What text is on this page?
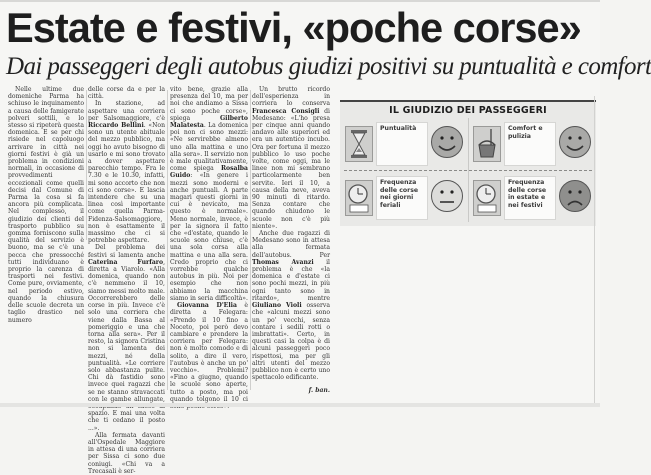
Estate e festivi, «poche corse»
Dai passeggeri degli autobus giudizi positivi su puntualità e comfort

Nelle ultime due domeniche Parma ha schiuso le inquinamento a causa delle famigerate polveri sottili, e lo stesso si ripeterà questa domenica. E se per chi risiede nel capoluogo arrivare in città nei giorni festivi è già un problema in condizioni normali, in occasione di provvedimenti eccezionali come quelli decisi dal Comune di Parma la cosa si fa ancora più complicata. Nel complesso, il giudizio dei clienti del trasporto pubblico su gomma forniscono sulla qualità del servizio è buono, ma se c'è una pecca che pressocché tutti individuano è proprio la carenza di trasporti nei festivi. Come pure, ovviamente, nel periodo estivo, quando la chiusura delle scuole decreta un taglio drastico nel numero

delle corse da e per la città.

In stazione, ad aspettare una corriera per Salsomaggiore, c'è Riccardo Bellini. «Non sono un utente abituale del mezzo pubblico, ma oggi ho avuto bisogno di usarlo e mi sono trovato a dover aspettare parecchio tempo. Fra le 7.30 e le 10.30, infatti, mi sono accorto che non ci sono corse». E lascia intendere che su una linea così importante come quella Parma-Fidenza-Salsomaggiore, non è esattamente il massimo che ci si potrebbe aspettare.

Del problema dei festivi si lamenta anche Caterina Furfaro, diretta a Viarolo. «Alla domenica, quando non c'è nemmeno il 10, siamo messi molto male. Occorrerebbero delle corse in più. Invece c'è solo una corriera che viene dalla Bassa al pomeriggio e una che torna alla sera». Per il resto, la signora Cristina non si lamenta dei mezzi, né della puntualità. «Le corriere solo abbastanza pulite. Chi dà fastidio sono invece quei ragazzi che se ne stanno stravaccati con le gambe allungate, spazio. E mai una volta che ti cedano il posto ...».

Alla fermata davanti all'Ospedale Maggiore in attesa di una corriera per Sissa ci sono due coniugi. «Chi va a Trecasali è ser-

vito bene, grazie alla presenza del 10, ma per noi che andiamo a Sissa ci sono poche corse», spiega Gilberto Malatesta. La domenica poi non ci sono mezzi: «Ne servirebbe almeno uno alla mattina e uno alla sera». Il servizio non è male qualitativamente, come spiega Rosalba Guido: «In genere i mezzi sono moderni e anche puntuali. A parte magari questi giorni in cui è nevicato, ma questo è normale». Meno normale, invece, è per la signora il fatto che «d'estate, quando le scuole sono chiuse, c'è una sola corsa alla mattina e una alla sera. Credo proprio che ci vorrebbe qualche autobus in più. Noi per esempio che non abbiamo la macchina siamo in seria difficoltà».

Giovanna D'Elia è diretta a Felegara: «Prendo il 10 fino a Noceto, poi però devo cambiare e prendere la corriera per Felegara: non è molto comodo e di solito, a dire il vero, l'autobus è anche un po' vecchio». Problemi? «Fino a giugno, quando le scuole sono aperte, tutto a posto, ma poi quando tolgono il 10 ci

Un brutto ricordo dell'esperienza in corriera lo conserva Francesca Consigli di Medesano: «L'ho presa per cinque anni quando andavo alle superiori ed era un autentico incubo. Ora per fortuna il mezzo pubblico lo uso poche volte, come oggi, ma le linee non mi sembrano particolarmente ben servite. Ieri il 10, a causa della neve, aveva 90 minuti di ritardo. Senza contare che quando chiudono le scuole non c'è più niente».

Anche due ragazzi di Medesano sono in attesa alla fermata dell'autobus. Per Thomas Avanzi il problema è che «la domenica e d'estate ci sono pochi mezzi, in più ogni tanto sono in ritardo», mentre Giuliano Violi osserva che «alcuni mezzi sono un po' vecchi, senza contare i sedili rotti o imbrattati». Certo, in questi casi la colpa è di alcuni passeggeri poco rispettosi, ma per gli altri utenti del mezzo pubblico non è certo uno spettacolo edificante.

f. ban.
IL GIUDIZIO DEI PASSEGGERI
Puntualità	Comfort e pulizia
Frequenza delle corse nei giorni feriali
Frequenza delle corse in estate e nei festivi
